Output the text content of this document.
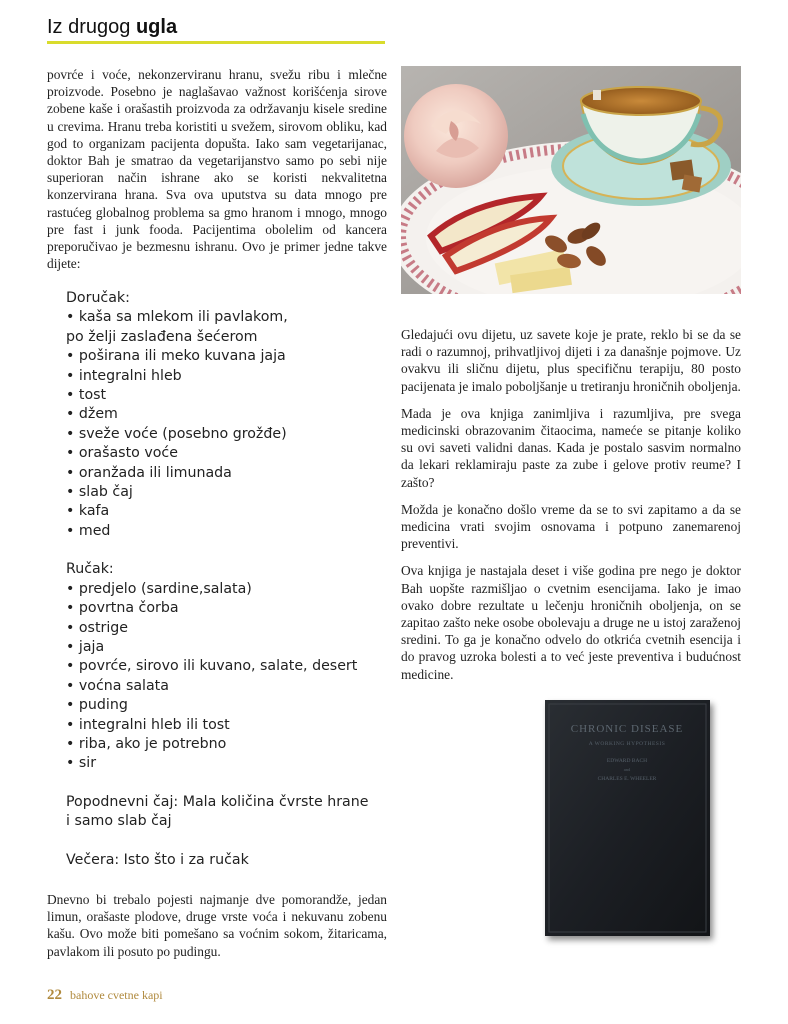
Iz drugog ugla

povrće i voće, nekonzerviranu hranu, svežu ribu i mlečne proizvode. Posebno je naglašavao važnost korišćenja sirove zobene kaše i orašastih proizvoda za održavanju kisele sredine u crevima. Hranu treba koristiti u svežem, sirovom obliku, kad god to organizam pacijenta dopušta. Iako sam vegetarijanac, doktor Bah je smatrao da vegetarijanstvo samo po sebi nije superioran način ishrane ako se koristi nekvalitetna konzervirana hrana. Sva ova uputstva su data mnogo pre rastućeg globalnog problema sa gmo hranom i mnogo, mnogo pre fast i junk fooda. Pacijentima obolelim od kancera preporučivao je bezmesnu ishranu. Ovo je primer jedne takve dijete:

Doručak:
• kaša sa mlekom ili pavlakom,
po želji zaslađena šećerom
• poširana ili meko kuvana jaja
• integralni hleb
• tost
• džem
• sveže voće (posebno grožđe)
• orašasto voće
• oranžada ili limunada
• slab čaj
• kafa
• med
Ručak:
• predjelo (sardine,salata)
• povrtna čorba
• ostrige
• jaja
• povrće, sirovo ili kuvano, salate, desert
• voćna salata
• puding
• integralni hleb ili tost
• riba, ako je potrebno
• sir
Popodnevni čaj: Mala količina čvrste hrane
i samo slab čaj
Večera: Isto što i za ručak

Dnevno bi trebalo pojesti najmanje dve pomorandže, jedan limun, orašaste plodove, druge vrste voća i nekuvanu zobenu kašu. Ovo može biti pomešano sa voćnim sokom, žitaricama, pavlakom ili posuto po pudingu.

Gledajući ovu dijetu, uz savete koje je prate, reklo bi se da se radi o razumnoj, prihvatljivoj dijeti i za današnje pojmove. Uz ovakvu ili sličnu dijetu, plus specifičnu terapiju, 80 posto pacijenata je imalo poboljšanje u tretiranju hroničnih oboljenja.

Mada je ova knjiga zanimljiva i razumljiva, pre svega medicinski obrazovanim čitaocima, nameće se pitanje koliko su ovi saveti validni danas. Kada je postalo sasvim normalno da lekari reklamiraju paste za zube i gelove protiv reume? I zašto?

Možda je konačno došlo vreme da se to svi zapitamo a da se medicina vrati svojim osnovama i potpuno zanemarenoj preventivi.

Ova knjiga je nastajala deset i više godina pre nego je doktor Bah uopšte razmišljao o cvetnim esencijama. Iako je imao ovako dobre rezultate u lečenju hroničnih oboljenja, on se zapitao zašto neke osobe obolevaju a druge ne u istoj zaraženoj sredini. To ga je konačno odvelo do otkrića cvetnih esencija i do pravog uzroka bolesti a to već jeste preventiva i budućnost medicine.

CHRONIC DISEASE
A WORKING HYPOTHESIS
EDWARD BACH
and
CHARLES E. WHEELER
22 bahove cvetne kapi
